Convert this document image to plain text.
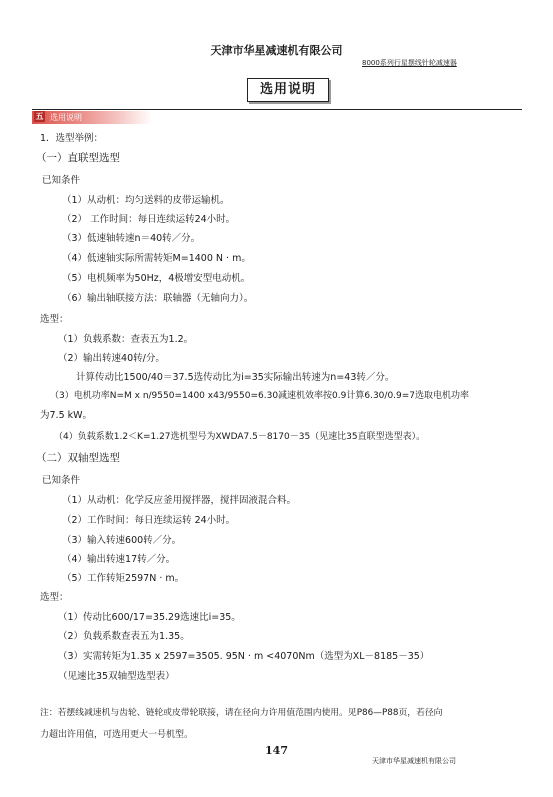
天津市华星减速机有限公司
8000系列行星摆线针轮减速器
选用说明
五 选用说明
1．选型举例：
（一）直联型选型
已知条件
（1）从动机：均匀送料的皮带运输机。
（2） 工作时间：每日连续运转24小时。
（3）低速轴转速n＝40转／分。
（4）低速轴实际所需转矩M=1400 N · m。
（5）电机频率为50Hz，4极增安型电动机。
（6）输出轴联接方法：联轴器（无轴向力）。
选型：
（1）负载系数：查表五为1.2。
（2）输出转速40转/分。
计算传动比1500/40＝37.5选传动比为i=35实际输出转速为n=43转／分。
（3）电机功率N=M x n/9550=1400 x43/9550=6.30减速机效率按0.9计算6.30/0.9=7选取电机功率
为7.5 kW。
（4）负载系数1.2＜K=1.27选机型号为XWDA7.5－8170－35（见速比35直联型选型表）。
（二）双轴型选型
已知条件
（1）从动机：化学反应釜用搅拌器，搅拌固液混合料。
（2）工作时间：每日连续运转 24小时。
（3）输入转速600转／分。
（4）输出转速17转／分。
（5）工作转矩2597N · m。
选型：
（1）传动比600/17=35.29选速比i=35。
（2）负载系数查表五为1.35。
（3）实需转矩为1.35 x 2597=3505. 95N · m <4070Nm（选型为XL－8185－35）
（见速比35双轴型选型表）
注：若摆线减速机与齿轮、链轮或皮带轮联接，请在径向力许用值范围内使用。见P86—P88页，若径向
力超出许用值，可选用更大一号机型。
147
天津市华星减速机有限公司
